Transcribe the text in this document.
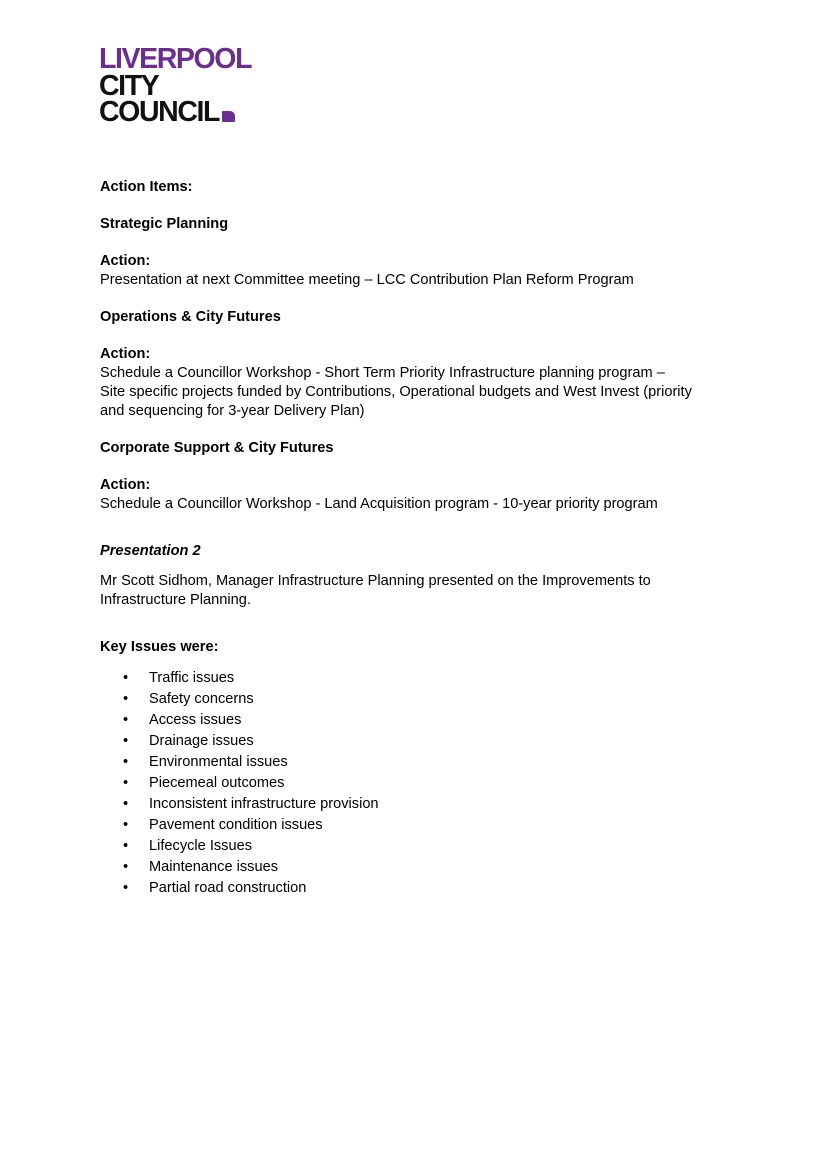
LIVERPOOL
CITY
COUNCIL

Action Items:

Strategic Planning

Action:

Presentation at next Committee meeting – LCC Contribution Plan Reform Program

Operations & City Futures

Action:

Schedule a Councillor Workshop - Short Term Priority Infrastructure planning program –

Site specific projects funded by Contributions, Operational budgets and West Invest (priority

and sequencing for 3-year Delivery Plan)

Corporate Support & City Futures

Action:

Schedule a Councillor Workshop - Land Acquisition program - 10-year priority program

Presentation 2

Mr Scott Sidhom, Manager Infrastructure Planning presented on the Improvements to

Infrastructure Planning.

Key Issues were:

• Traffic issues
• Safety concerns
• Access issues
• Drainage issues
• Environmental issues
• Piecemeal outcomes
• Inconsistent infrastructure provision
• Pavement condition issues
• Lifecycle Issues
• Maintenance issues
• Partial road construction
